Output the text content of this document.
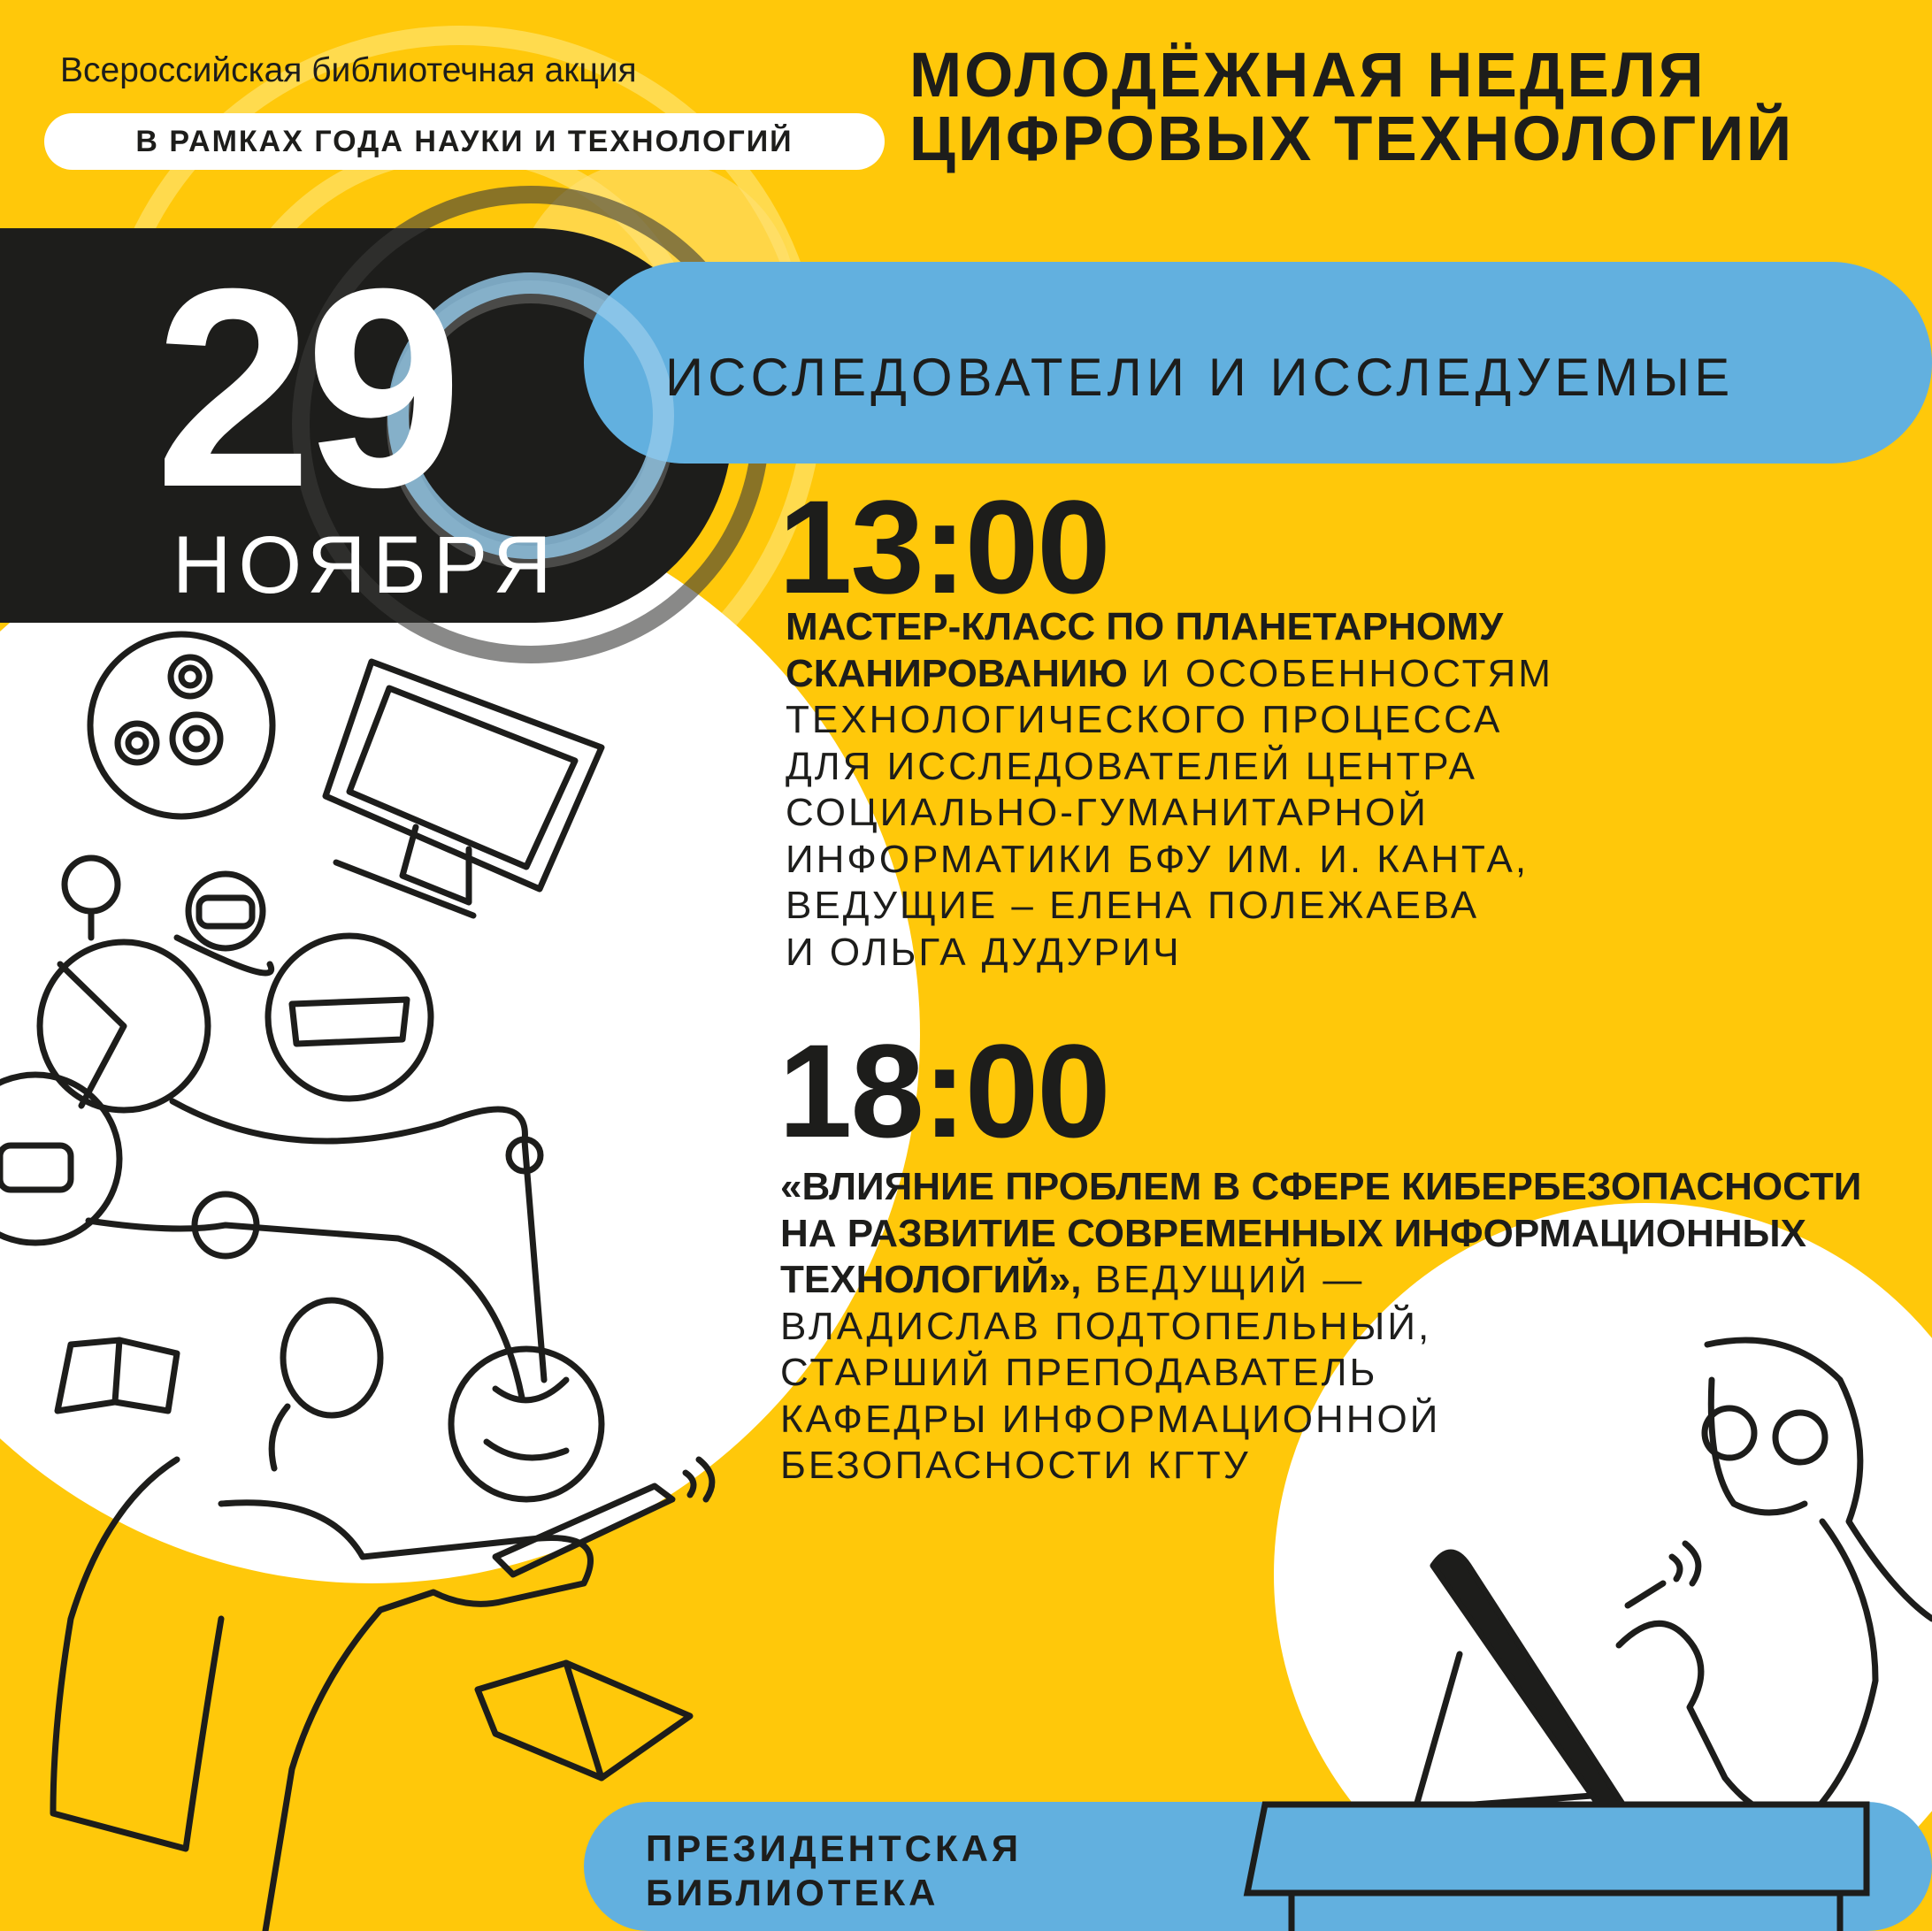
Всероссийская библиотечная акция
В РАМКАХ ГОДА НАУКИ И ТЕХНОЛОГИЙ
МОЛОДЁЖНАЯ НЕДЕЛЯ
ЦИФРОВЫХ ТЕХНОЛОГИЙ
29
НОЯБРЯ
ИССЛЕДОВАТЕЛИ И ИССЛЕДУЕМЫЕ
13:00
МАСТЕР-КЛАСС ПО ПЛАНЕТАРНОМУ
СКАНИРОВАНИЮ И ОСОБЕННОСТЯМ
ТЕХНОЛОГИЧЕСКОГО ПРОЦЕССА
ДЛЯ ИССЛЕДОВАТЕЛЕЙ ЦЕНТРА
СОЦИАЛЬНО-ГУМАНИТАРНОЙ
ИНФОРМАТИКИ БФУ ИМ. И. КАНТА,
ВЕДУЩИЕ – ЕЛЕНА ПОЛЕЖАЕВА
И ОЛЬГА ДУДУРИЧ
18:00
«ВЛИЯНИЕ ПРОБЛЕМ В СФЕРЕ КИБЕРБЕЗОПАСНОСТИ
НА РАЗВИТИЕ СОВРЕМЕННЫХ ИНФОРМАЦИОННЫХ
ТЕХНОЛОГИЙ», ВЕДУЩИЙ —
ВЛАДИСЛАВ ПОДТОПЕЛЬНЫЙ,
СТАРШИЙ ПРЕПОДАВАТЕЛЬ
КАФЕДРЫ ИНФОРМАЦИОННОЙ
БЕЗОПАСНОСТИ КГТУ
ПРЕЗИДЕНТСКАЯ
БИБЛИОТЕКА
